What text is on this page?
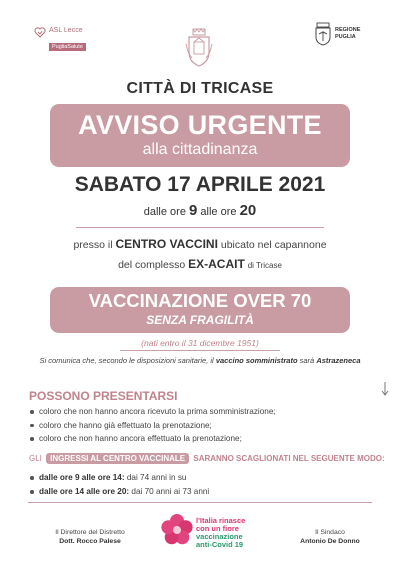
ASL Lecce
PugliaSalute
REGIONE
PUGLIA
CITTÀ DI TRICASE
AVVISO URGENTE
alla cittadinanza
SABATO 17 APRILE 2021
dalle ore 9 alle ore 20
presso il CENTRO VACCINI ubicato nel capannone
del complesso EX-ACAIT di Tricase
VACCINAZIONE OVER 70
SENZA FRAGILITÀ
(nati entro il 31 dicembre 1951)
Si comunica che, secondo le disposizioni sanitarie, il vaccino somministrato sarà Astrazeneca
POSSONO PRESENTARSI
coloro che non hanno ancora ricevuto la prima somministrazione;
coloro che hanno già effettuato la prenotazione;
coloro che non hanno ancora effettuato la prenotazione;
GLI INGRESSI AL CENTRO VACCINALE SARANNO SCAGLIONATI NEL SEGUENTE MODO:
dalle ore 9 alle ore 14: dai 74 anni in su
dalle ore 14 alle ore 20: dai 70 anni ai 73 anni
Il Direttore del Distretto
Dott. Rocco Palese
l'Italia rinasce
con un fiore
vaccinazione
anti-Covid 19
Il Sindaco
Antonio De Donno
